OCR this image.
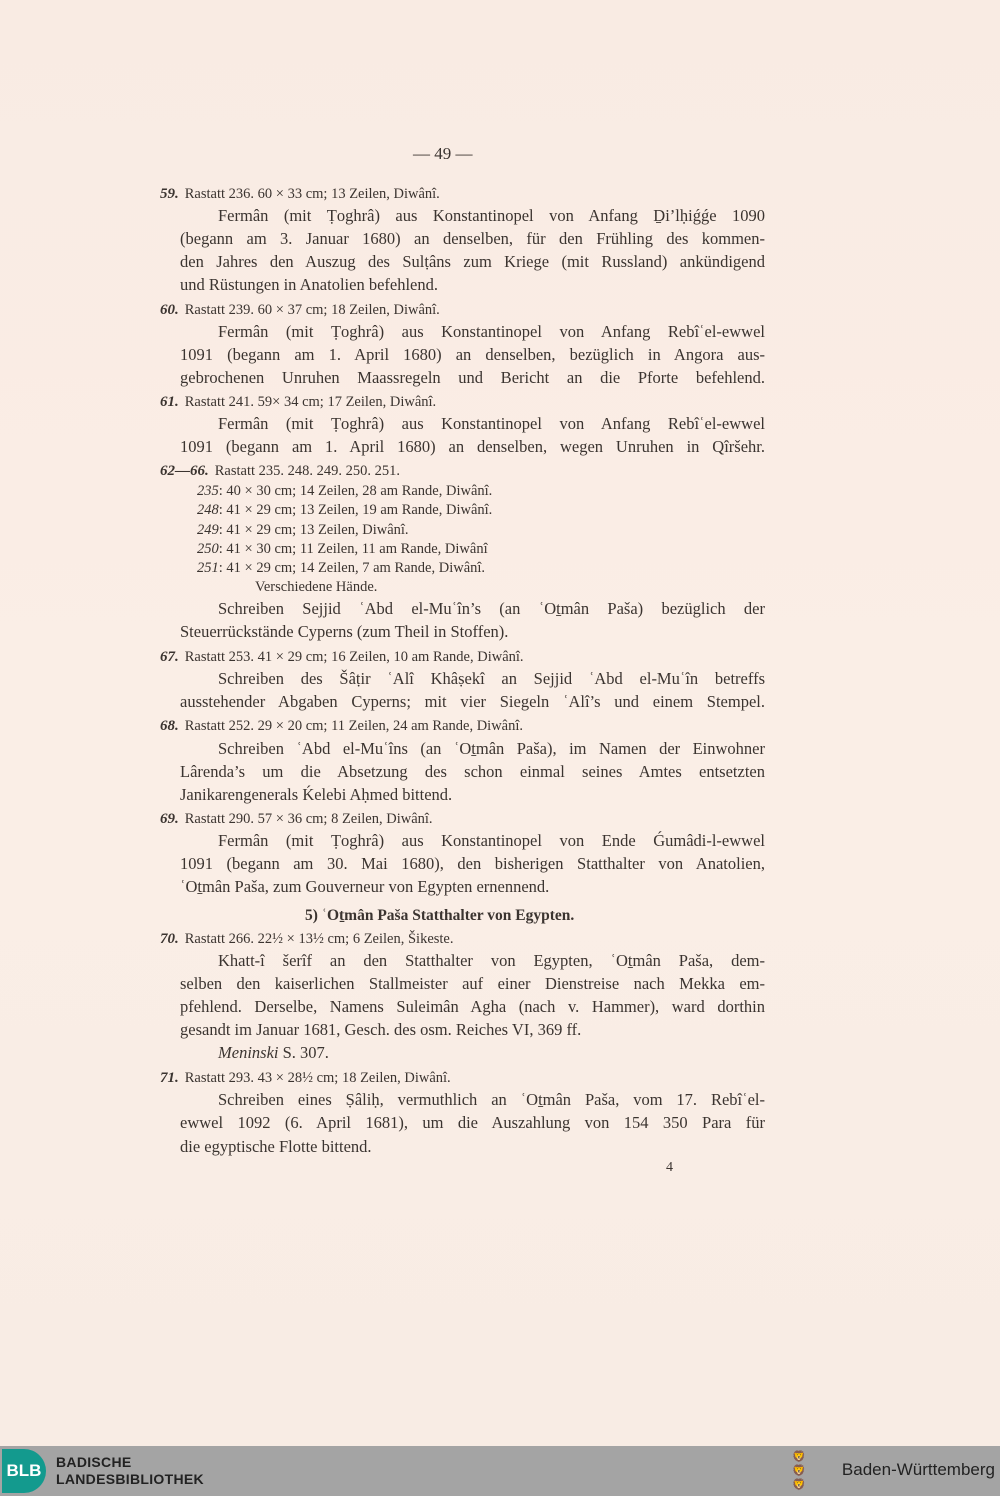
— 49 —
59. Rastatt 236. 60 × 33 cm; 13 Zeilen, Diwânî.
Fermân (mit Ṭoghrâ) aus Konstantinopel von Anfang Ḏi’lḥiǵǵe 1090
(begann am 3. Januar 1680) an denselben, für den Frühling des kommen-
den Jahres den Auszug des Sulṭâns zum Kriege (mit Russland) ankündigend
und Rüstungen in Anatolien befehlend.
60. Rastatt 239. 60 × 37 cm; 18 Zeilen, Diwânî.
Fermân (mit Ṭoghrâ) aus Konstantinopel von Anfang Rebîʿel-ewwel
1091 (begann am 1. April 1680) an denselben, bezüglich in Angora aus-
gebrochenen Unruhen Maassregeln und Bericht an die Pforte befehlend.
61. Rastatt 241. 59× 34 cm; 17 Zeilen, Diwânî.
Fermân (mit Ṭoghrâ) aus Konstantinopel von Anfang Rebîʿel-ewwel
1091 (begann am 1. April 1680) an denselben, wegen Unruhen in Qîršehr.
62—66. Rastatt 235. 248. 249. 250. 251.
235: 40 × 30 cm; 14 Zeilen, 28 am Rande, Diwânî.
248: 41 × 29 cm; 13 Zeilen, 19 am Rande, Diwânî.
249: 41 × 29 cm; 13 Zeilen, Diwânî.
250: 41 × 30 cm; 11 Zeilen, 11 am Rande, Diwânî
251: 41 × 29 cm; 14 Zeilen, 7 am Rande, Diwânî.
Verschiedene Hände.
Schreiben Sejjid ʿAbd el-Muʿîn’s (an ʿOṯmân Paša) bezüglich der
Steuerrückstände Cyperns (zum Theil in Stoffen).
67. Rastatt 253. 41 × 29 cm; 16 Zeilen, 10 am Rande, Diwânî.
Schreiben des Šâṭir ʿAlî Khâṣekî an Sejjid ʿAbd el-Muʿîn betreffs
ausstehender Abgaben Cyperns; mit vier Siegeln ʿAlî’s und einem Stempel.
68. Rastatt 252. 29 × 20 cm; 11 Zeilen, 24 am Rande, Diwânî.
Schreiben ʿAbd el-Muʿîns (an ʿOṯmân Paša), im Namen der Einwohner
Lârenda’s um die Absetzung des schon einmal seines Amtes entsetzten
Janikarengenerals Ḱelebi Aḥmed bittend.
69. Rastatt 290. 57 × 36 cm; 8 Zeilen, Diwânî.
Fermân (mit Ṭoghrâ) aus Konstantinopel von Ende Ǵumâdi-l-ewwel
1091 (begann am 30. Mai 1680), den bisherigen Statthalter von Anatolien,
ʿOṯmân Paša, zum Gouverneur von Egypten ernennend.
5) ʿOṯmân Paša Statthalter von Egypten.
70. Rastatt 266. 22½ × 13½ cm; 6 Zeilen, Šikeste.
Khatt-î šerîf an den Statthalter von Egypten, ʿOṯmân Paša, dem-
selben den kaiserlichen Stallmeister auf einer Dienstreise nach Mekka em-
pfehlend. Derselbe, Namens Suleimân Agha (nach v. Hammer), ward dorthin
gesandt im Januar 1681, Gesch. des osm. Reiches VI, 369 ff.
Meninski S. 307.
71. Rastatt 293. 43 × 28½ cm; 18 Zeilen, Diwânî.
Schreiben eines Ṣâliḥ, vermuthlich an ʿOṯmân Paša, vom 17. Rebîʿel-
ewwel 1092 (6. April 1681), um die Auszahlung von 154 350 Para für
die egyptische Flotte bittend.
4
BLB	BADISCHE
LANDESBIBLIOTHEK
🦁
🦁
🦁
Baden-Württemberg
